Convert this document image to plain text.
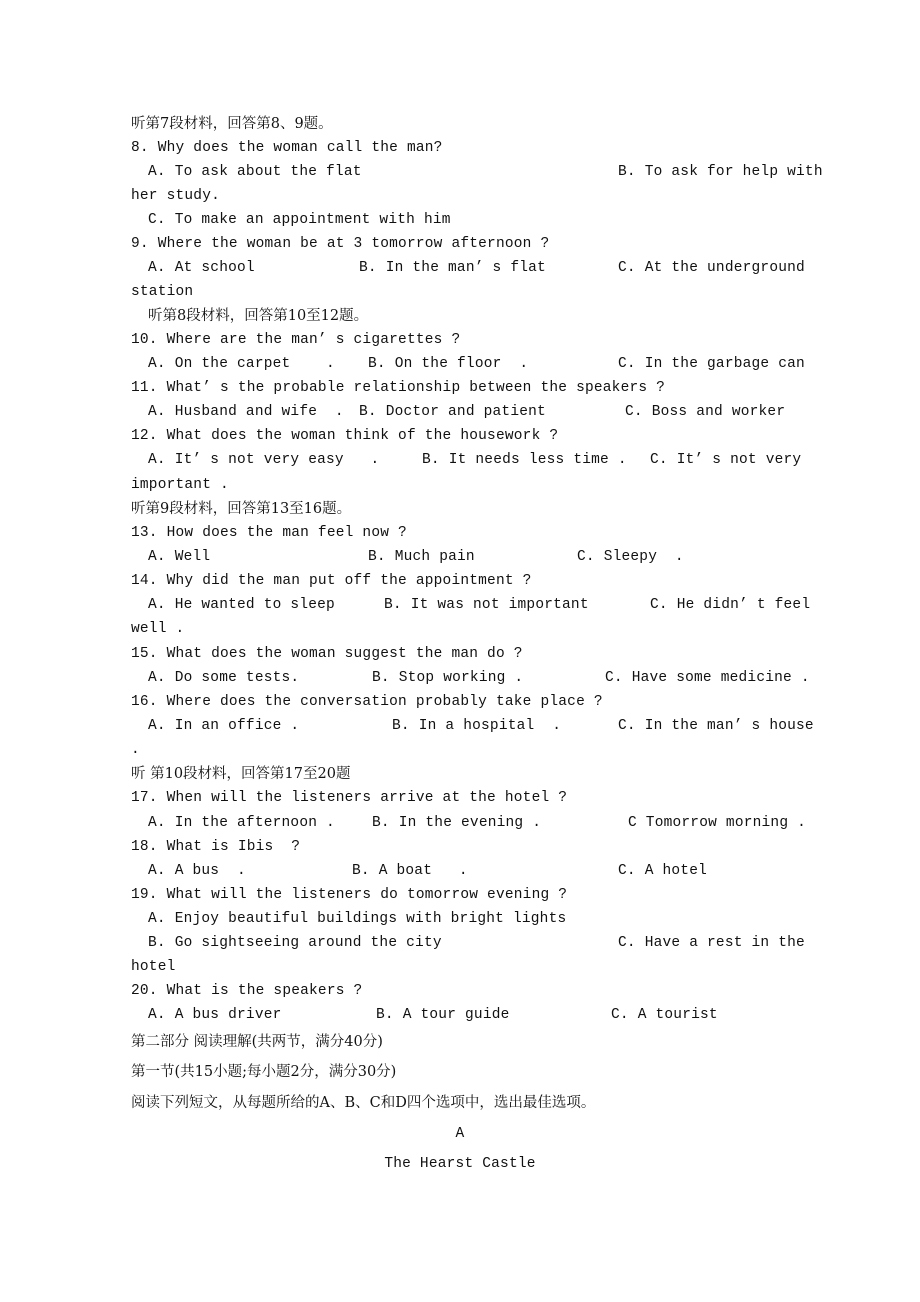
听第7段材料，回答第8、9题。
8. Why does the woman call the man?
A. To ask about the flat	B. To ask for help with
her study.
C. To make an appointment with him
9. Where the woman be at 3 tomorrow afternoon ?
A. At school	B. In the man’ s flat	C. At the underground
station
听第8段材料，回答第10至12题。
10. Where are the man’ s cigarettes ?
A. On the carpet    . B. On the floor  .	C. In the garbage can
11. What’ s the probable relationship between the speakers ?
A. Husband and wife  . B. Doctor and patient	C. Boss and worker
12. What does the woman think of the housework ?
A. It’ s not very easy   .	B. It needs less time . C. It’ s not very
important .
听第9段材料，回答第13至16题。
13. How does the man feel now ?
A. Well	B. Much pain	C. Sleepy  .
14. Why did the man put off the appointment ?
A. He wanted to sleep	B. It was not important	C. He didn’ t feel
well .
15. What does the woman suggest the man do ?
A. Do some tests.	B. Stop working .	C. Have some medicine .
16. Where does the conversation probably take place ?
A. In an office .	B. In a hospital  .	C. In the man’ s house
.
听 第10段材料，回答第17至20题
17. When will the listeners arrive at the hotel ?
A. In the afternoon .	B. In the evening .	C Tomorrow morning .
18. What is Ibis  ?
A. A bus  .	B. A boat   .	C. A hotel
19. What will the listeners do tomorrow evening ?
A. Enjoy beautiful buildings with bright lights
B. Go sightseeing around the city	C. Have a rest in the
hotel
20. What is the speakers ?
A. A bus driver	B. A tour guide	C. A tourist
第二部分 阅读理解(共两节，满分40分)
第一节(共15小题;每小题2分，满分30分)
阅读下列短文，从每题所给的A、B、C和D四个选项中，选出最佳选项。
A
The Hearst Castle
